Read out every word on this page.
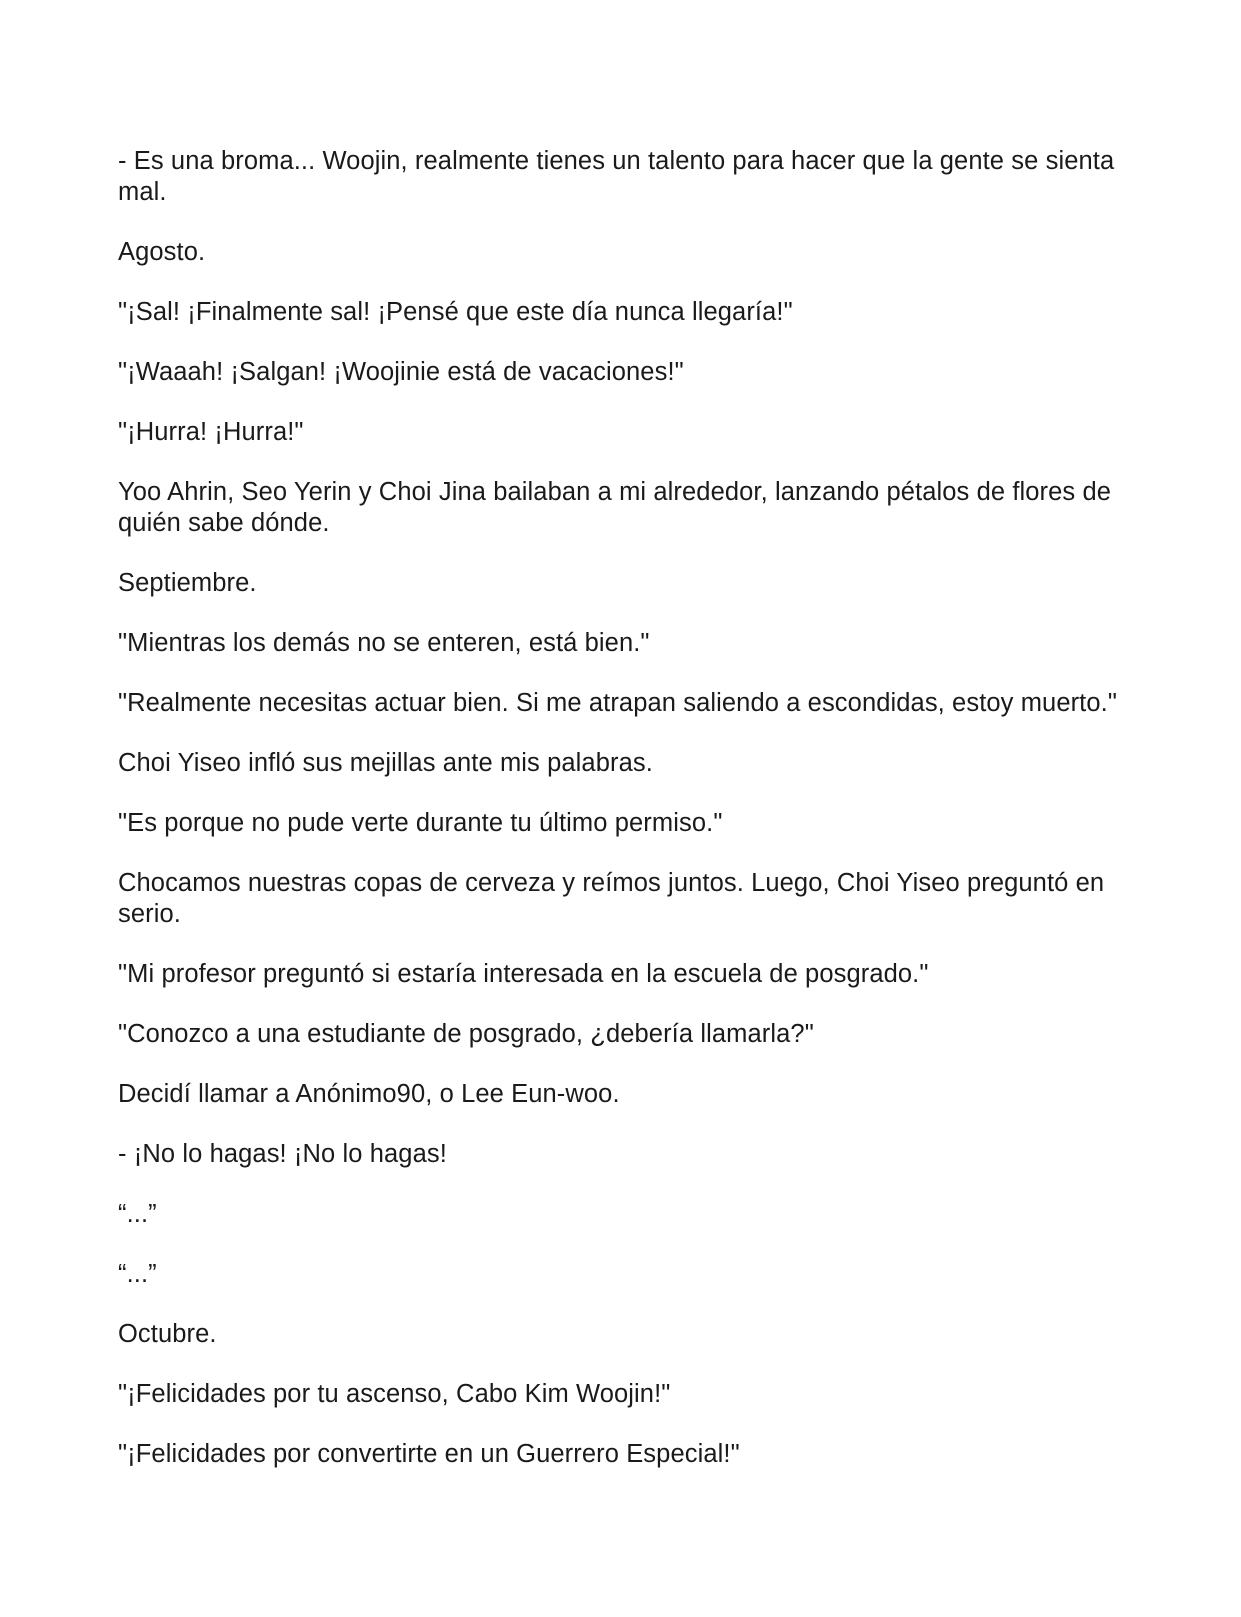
- Es una broma... Woojin, realmente tienes un talento para hacer que la gente se sienta mal.

Agosto.

"¡Sal! ¡Finalmente sal! ¡Pensé que este día nunca llegaría!"

"¡Waaah! ¡Salgan! ¡Woojinie está de vacaciones!"

"¡Hurra! ¡Hurra!"

Yoo Ahrin, Seo Yerin y Choi Jina bailaban a mi alrededor, lanzando pétalos de flores de quién sabe dónde.

Septiembre.

"Mientras los demás no se enteren, está bien."

"Realmente necesitas actuar bien. Si me atrapan saliendo a escondidas, estoy muerto."

Choi Yiseo infló sus mejillas ante mis palabras.

"Es porque no pude verte durante tu último permiso."

Chocamos nuestras copas de cerveza y reímos juntos. Luego, Choi Yiseo preguntó en serio.

"Mi profesor preguntó si estaría interesada en la escuela de posgrado."

"Conozco a una estudiante de posgrado, ¿debería llamarla?"

Decidí llamar a Anónimo90, o Lee Eun-woo.

- ¡No lo hagas! ¡No lo hagas!

“...”

“...”

Octubre.

"¡Felicidades por tu ascenso, Cabo Kim Woojin!"

"¡Felicidades por convertirte en un Guerrero Especial!"
